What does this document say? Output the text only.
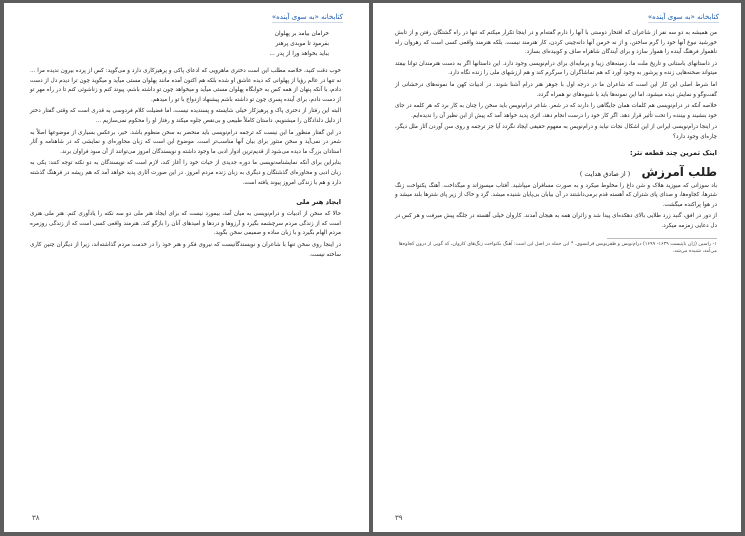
کتابخانه «به سوی آینده»
خرامان بیامد بر پهلوان
بفرمود تا موبدی پرهنر
بباید بخواهد ورا از پدر ...

خوب دقت کنید، خلاصه مطلب این است دختری ماهرویی که ادعای پاکی و پرهیزکاری دارد و می‌گوید: کس از پرده بیرون ندیده مرا ... نه تنها در عالم رؤیا از پهلوانی که دیده عاشق او شده بلکه هم اکنون آمده مانند پهلوان مستی میآید و میگوید چون ترا دیدم دل از دست دادم، با آنکه پنهان از همه کس به خوابگاه پهلوان مستی میآید و میخواهد چون تو داشته باشم، پیوند کنم و زناشوئی کنم تا در راه مهر تو از دست دادم، برای آینده پسری چون تو داشته باشم پیشنهاد ازدواج با تو را میدهم.

البته این رفتار از دختری پاک و پرهیزکار خیلی شایسته و پسندیده نیست، اما فضیلت کلام فردوسی به قدری است که وقتی گفتار دختر از دلیل دلدادگان را میشنویم، داستان کاملاً طبیعی و بی‌نقص جلوه میکند و رفتار او را محکوم نمی‌سازیم ...

در این گفتار منظور ما این نیست که ترجمه درام‌نویسی باید منحصر به سخن منظوم باشد. خیر، برعکس بسیاری از موضوعها اصلاً به شعر در نمی‌آید و سخن منثور برای بیان آنها مناسب‌تر است. موضوع این است که زبان محاوره‌ای و نمایشی که در شاهنامه و آثار استادان بزرگ ما دیده می‌شود از قدیم‌ترین ادوار ادبی ما وجود داشته و نویسندگان امروز می‌توانند از آن سود فراوان برند.

بنابراین برای آنکه نمایشنامه‌نویسی ما دوره جدیدی از حیات خود را آغاز کند، لازم است که نویسندگان به دو نکته توجه کنند: یکی به زبان ادبی و محاوره‌ای گذشتگان و دیگری به زبان زنده مردم امروز. در این صورت آثاری پدید خواهد آمد که هم ریشه در فرهنگ گذشته دارد و هم با زندگی امروز پیوند یافته است.

ایجاد هنر ملی

حالا که سخن از ادبیات و درام‌نویسی به میان آمد، بیمورد نیست که برای ایجاد هنر ملی دو سه نکته را یادآوری کنم. هنر ملی هنری است که از زندگی مردم سرچشمه بگیرد و آرزوها و دردها و امیدهای آنان را بازگو کند. هنرمند واقعی کسی است که از زندگی روزمره مردم الهام بگیرد و با زبان ساده و صمیمی سخن بگوید.

در اینجا روی سخن تنها با شاعران و نویسندگانیست که نیروی فکر و هنر خود را در خدمت مردم گذاشته‌اند، زیرا از دیگران چنین کاری ساخته نیست.

۳۸
کتابخانه «به سوی آینده»

من همیشه به دو سه نفر از شاعران که افتخار دوستی با آنها را دارم گفته‌ام و در اینجا تکرار میکنم که تنها در راه گشتگان رفتن و از تابش خورشید نبوغ آنها خود را گرم ساختن، و از نه خرمن آنها دانه‌چینی کردن، کار هنرمند نیست. بلکه هنرمند واقعی کسی است که رهروان راه ناهموار فرهنگ آینده را هموار سازد و برای آیندگان شاهراه صاف و کوبیده‌ای بسازد.

در داستانهای باستانی و تاریخ ملت ما، زمینه‌های زیبا و پرمایه‌ای برای درام‌نویسی وجود دارد. این داستانها اگر به دست هنرمندان توانا بیفتد میتواند صحنه‌هایی زنده و پرشور به وجود آورد که هم تماشاگران را سرگرم کند و هم ارزشهای ملی را زنده نگاه دارد.

اما شرط اصلی این کار این است که شاعران ما در درجه اول با جوهر هنر درام آشنا شوند. در ادبیات کهن ما نمونه‌های درخشانی از گفت‌وگو و نمایش دیده میشود، اما این نمونه‌ها باید با شیوه‌های نو همراه گردد.

خلاصه آنکه در درام‌نویسی هم کلمات همان جایگاهی را دارند که در شعر. شاعر درام‌نویس باید سخن را چنان به کار برد که هر کلمه در جای خود بنشیند و بیننده را تحت تأثیر قرار دهد. اگر کار خود را درست انجام دهد، اثری پدید خواهد آمد که پیش از این نظیر آن را ندیده‌ایم.

در اینجا درام‌نویسی ایرانی از این اشکال نجات نیابد و درام‌نویس به مفهوم حقیقی ایجاد نگردد آیا جز ترجمه و روی سن آوردن آثار ملل دیگر، چاره‌ای وجود دارد؟

اینک تمرین چند قطعه نثر:
طلب آمرزش ( از صادق هدایت )

باد سوزانی که میوزید هلاک و شن داغ را مخلوط میکرد و به صورت مسافران میپاشید. آفتاب میسوزاند و میگداخت. آهنگ یکنواخت زنگ شترها، کجاوه‌ها، و صدای پای شتران که آهسته قدم برمی‌داشتند در آن بیابان بی‌پایان شنیده میشد. گرد و خاک از زیر پای شترها بلند میشد و در هوا پراکنده میگشت.

از دور در افق، گنبد زرد طلایی بالای دهکده‌ای پیدا شد و زائران همه به هیجان آمدند. کاروان خیلی آهسته در جلگه پیش میرفت و هر کس در دل دعایی زمزمه میکرد.

۱- راسین (ژان باپتیست ۱۶۳۹- ۱۶۹۹) درام‌نویس و ظفرنویس فرانسوی. * این جمله در اصل این است: آهنگ یکنواخت زنگ‌های کاروان، که گویی از درون کجاوه‌ها می‌آمد، شنیده می‌شد.
۳۹
